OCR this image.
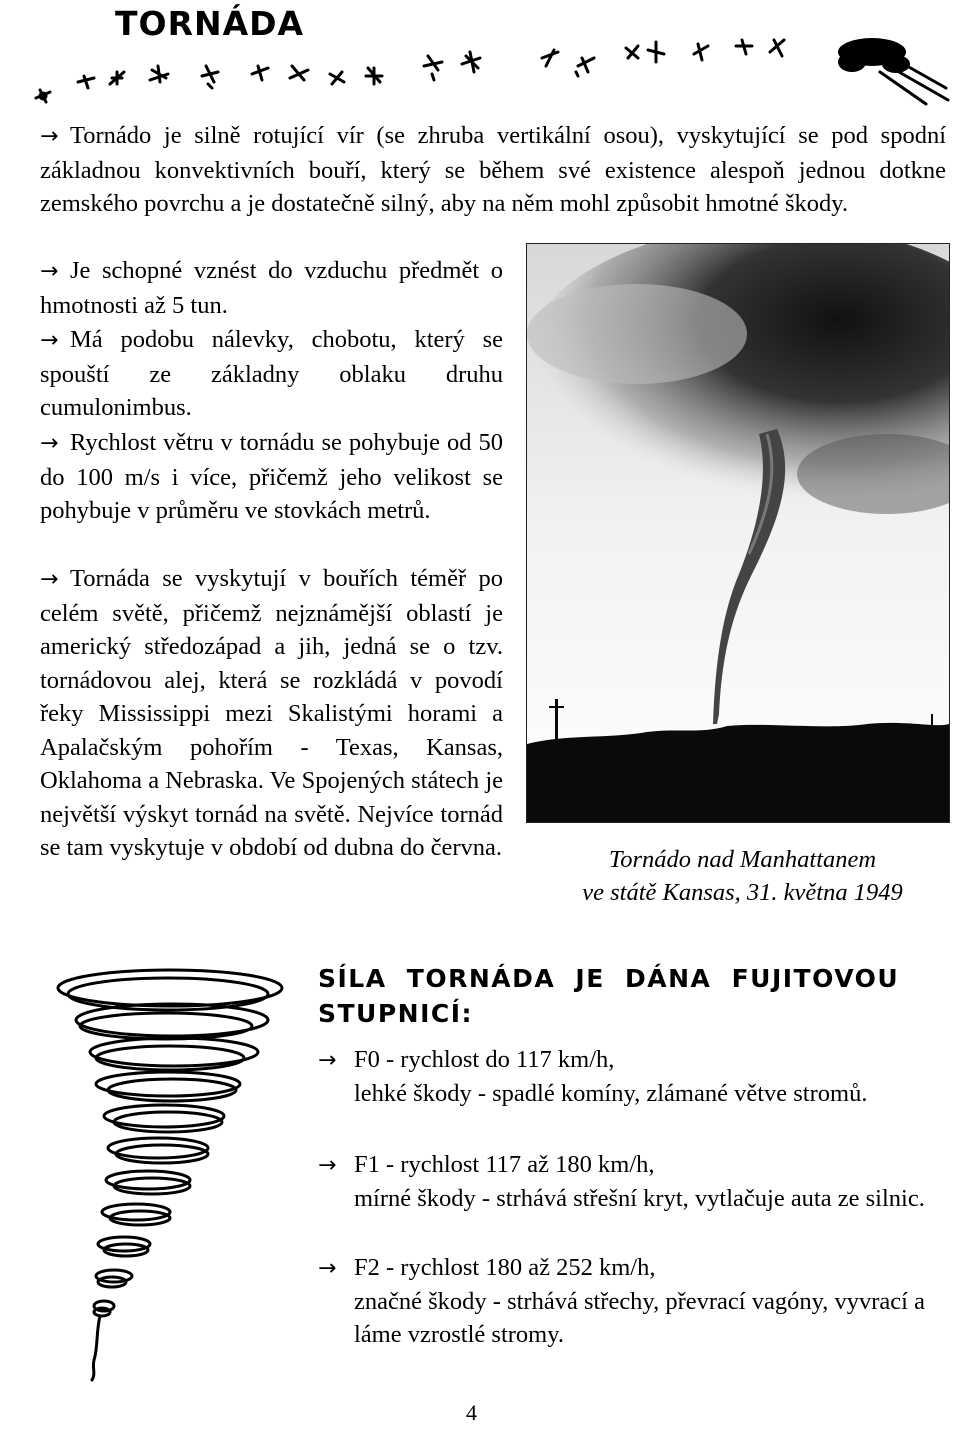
TORNÁDA
→ Tornádo je silně rotující vír (se zhruba vertikální osou), vyskytující se pod spodní základnou konvektivních bouří, který se během své existence alespoň jednou dotkne zemského povrchu a je dostatečně silný, aby na něm mohl způsobit hmotné škody.
→ Je schopné vznést do vzduchu předmět o hmotnosti až 5 tun.
→ Má podobu nálevky, chobotu, který se spouští ze základny oblaku druhu cumulonimbus.
→ Rychlost větru v tornádu se pohybuje od 50 do 100 m/s i více, přičemž jeho velikost se pohybuje v průměru ve stovkách metrů.
→ Tornáda se vyskytují v bouřích téměř po celém světě, přičemž nejznámější oblastí je americký středozápad a jih, jedná se o tzv. tornádovou alej, která se rozkládá v povodí řeky Mississippi mezi Skalistými horami a Apalačským pohořím - Texas, Kansas, Oklahoma a Nebraska. Ve Spojených státech je největší výskyt tornád na světě. Nejvíce tornád se tam vyskytuje v období od dubna do června.	Tornádo nad Manhattanem
ve státě Kansas, 31. května 1949
SÍLA TORNÁDA JE DÁNA FUJITOVOU STUPNICÍ:
→ F0 - rychlost do 117 km/h,
lehké škody - spadlé komíny, zlámané větve stromů.
→ F1 - rychlost 117 až 180 km/h,
mírné škody - strhává střešní kryt, vytlačuje auta ze silnic.
→ F2 - rychlost 180 až 252 km/h,
značné škody - strhává střechy, převrací vagóny, vyvrací a láme vzrostlé stromy.
4
